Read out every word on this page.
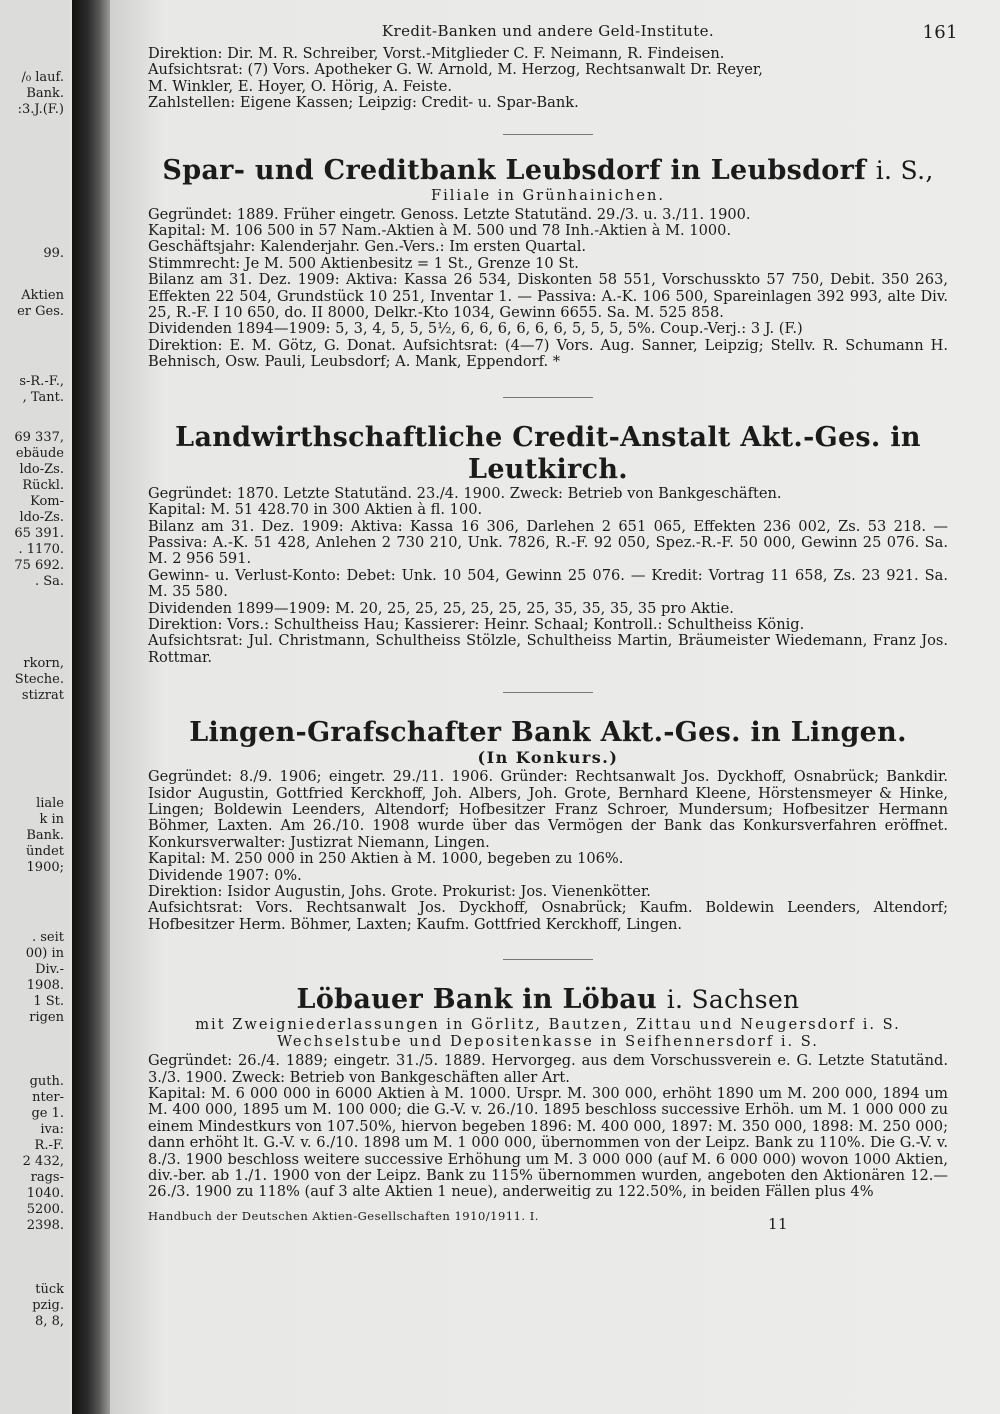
/₀ lauf.
Bank.
:3.J.(F.)
99.
Aktien
er Ges.
s-R.-F.,
, Tant.
69 337,
ebäude
ldo-Zs.
Rückl.
Kom-
ldo-Zs.
65 391.
. 1170.
75 692.
. Sa.
rkorn,
Steche.
stizrat
liale
k in
Bank.
ündet
1900;
. seit
00) in
Div.-
1908.
1 St.
rigen
guth.
nter-
ge 1.
iva:
R.-F.
2 432,
rags-
1040.
5200.
2398.
tück
pzig.
8, 8,
Kredit-Banken und andere Geld-Institute.	161

Direktion: Dir. M. R. Schreiber, Vorst.-Mitglieder C. F. Neimann, R. Findeisen.

Aufsichtsrat: (7) Vors. Apotheker G. W. Arnold, M. Herzog, Rechtsanwalt Dr. Reyer,

M. Winkler, E. Hoyer, O. Hörig, A. Feiste.

Zahlstellen: Eigene Kassen; Leipzig: Credit- u. Spar-Bank.

Spar- und Creditbank Leubsdorf in Leubsdorf i. S.,
Filiale in Grünhainichen.

Gegründet: 1889. Früher eingetr. Genoss. Letzte Statutänd. 29./3. u. 3./11. 1900.

Kapital: M. 106 500 in 57 Nam.-Aktien à M. 500 und 78 Inh.-Aktien à M. 1000.

Geschäftsjahr: Kalenderjahr. Gen.-Vers.: Im ersten Quartal.

Stimmrecht: Je M. 500 Aktienbesitz = 1 St., Grenze 10 St.

Bilanz am 31. Dez. 1909: Aktiva: Kassa 26 534, Diskonten 58 551, Vorschusskto 57 750, Debit. 350 263, Effekten 22 504, Grundstück 10 251, Inventar 1. — Passiva: A.-K. 106 500, Spareinlagen 392 993, alte Div. 25, R.-F. I 10 650, do. II 8000, Delkr.-Kto 1034, Gewinn 6655. Sa. M. 525 858.

Dividenden 1894—1909: 5, 3, 4, 5, 5, 5½, 6, 6, 6, 6, 6, 6, 5, 5, 5, 5%. Coup.-Verj.: 3 J. (F.)

Direktion: E. M. Götz, G. Donat. Aufsichtsrat: (4—7) Vors. Aug. Sanner, Leipzig; Stellv. R. Schumann H. Behnisch, Osw. Pauli, Leubsdorf; A. Mank, Eppendorf. *

Landwirthschaftliche Credit-Anstalt Akt.-Ges. in Leutkirch.

Gegründet: 1870. Letzte Statutänd. 23./4. 1900. Zweck: Betrieb von Bankgeschäften.

Kapital: M. 51 428.70 in 300 Aktien à fl. 100.

Bilanz am 31. Dez. 1909: Aktiva: Kassa 16 306, Darlehen 2 651 065, Effekten 236 002, Zs. 53 218. — Passiva: A.-K. 51 428, Anlehen 2 730 210, Unk. 7826, R.-F. 92 050, Spez.-R.-F. 50 000, Gewinn 25 076. Sa. M. 2 956 591.

Gewinn- u. Verlust-Konto: Debet: Unk. 10 504, Gewinn 25 076. — Kredit: Vortrag 11 658, Zs. 23 921. Sa. M. 35 580.

Dividenden 1899—1909: M. 20, 25, 25, 25, 25, 25, 25, 35, 35, 35, 35 pro Aktie.

Direktion: Vors.: Schultheiss Hau; Kassierer: Heinr. Schaal; Kontroll.: Schultheiss König.

Aufsichtsrat: Jul. Christmann, Schultheiss Stölzle, Schultheiss Martin, Bräumeister Wiedemann, Franz Jos. Rottmar.

Lingen-Grafschafter Bank Akt.-Ges. in Lingen.
(In Konkurs.)

Gegründet: 8./9. 1906; eingetr. 29./11. 1906. Gründer: Rechtsanwalt Jos. Dyckhoff, Osnabrück; Bankdir. Isidor Augustin, Gottfried Kerckhoff, Joh. Albers, Joh. Grote, Bernhard Kleene, Hörstensmeyer & Hinke, Lingen; Boldewin Leenders, Altendorf; Hofbesitzer Franz Schroer, Mundersum; Hofbesitzer Hermann Böhmer, Laxten. Am 26./10. 1908 wurde über das Vermögen der Bank das Konkursverfahren eröffnet. Konkursverwalter: Justizrat Niemann, Lingen.

Kapital: M. 250 000 in 250 Aktien à M. 1000, begeben zu 106%.

Dividende 1907: 0%.

Direktion: Isidor Augustin, Johs. Grote. Prokurist: Jos. Vienenkötter.

Aufsichtsrat: Vors. Rechtsanwalt Jos. Dyckhoff, Osnabrück; Kaufm. Boldewin Leenders, Altendorf; Hofbesitzer Herm. Böhmer, Laxten; Kaufm. Gottfried Kerckhoff, Lingen.

Löbauer Bank in Löbau i. Sachsen
mit Zweigniederlassungen in Görlitz, Bautzen, Zittau und Neugersdorf i. S. Wechselstube und Depositenkasse in Seifhennersdorf i. S.

Gegründet: 26./4. 1889; eingetr. 31./5. 1889. Hervorgeg. aus dem Vorschussverein e. G. Letzte Statutänd. 3./3. 1900. Zweck: Betrieb von Bankgeschäften aller Art.

Kapital: M. 6 000 000 in 6000 Aktien à M. 1000. Urspr. M. 300 000, erhöht 1890 um M. 200 000, 1894 um M. 400 000, 1895 um M. 100 000; die G.-V. v. 26./10. 1895 beschloss successive Erhöh. um M. 1 000 000 zu einem Mindestkurs von 107.50%, hiervon begeben 1896: M. 400 000, 1897: M. 350 000, 1898: M. 250 000; dann erhöht lt. G.-V. v. 6./10. 1898 um M. 1 000 000, übernommen von der Leipz. Bank zu 110%. Die G.-V. v. 8./3. 1900 beschloss weitere successive Erhöhung um M. 3 000 000 (auf M. 6 000 000) wovon 1000 Aktien, div.-ber. ab 1./1. 1900 von der Leipz. Bank zu 115% übernommen wurden, angeboten den Aktionären 12.—26./3. 1900 zu 118% (auf 3 alte Aktien 1 neue), anderweitig zu 122.50%, in beiden Fällen plus 4%

Handbuch der Deutschen Aktien-Gesellschaften 1910/1911. I.	11
